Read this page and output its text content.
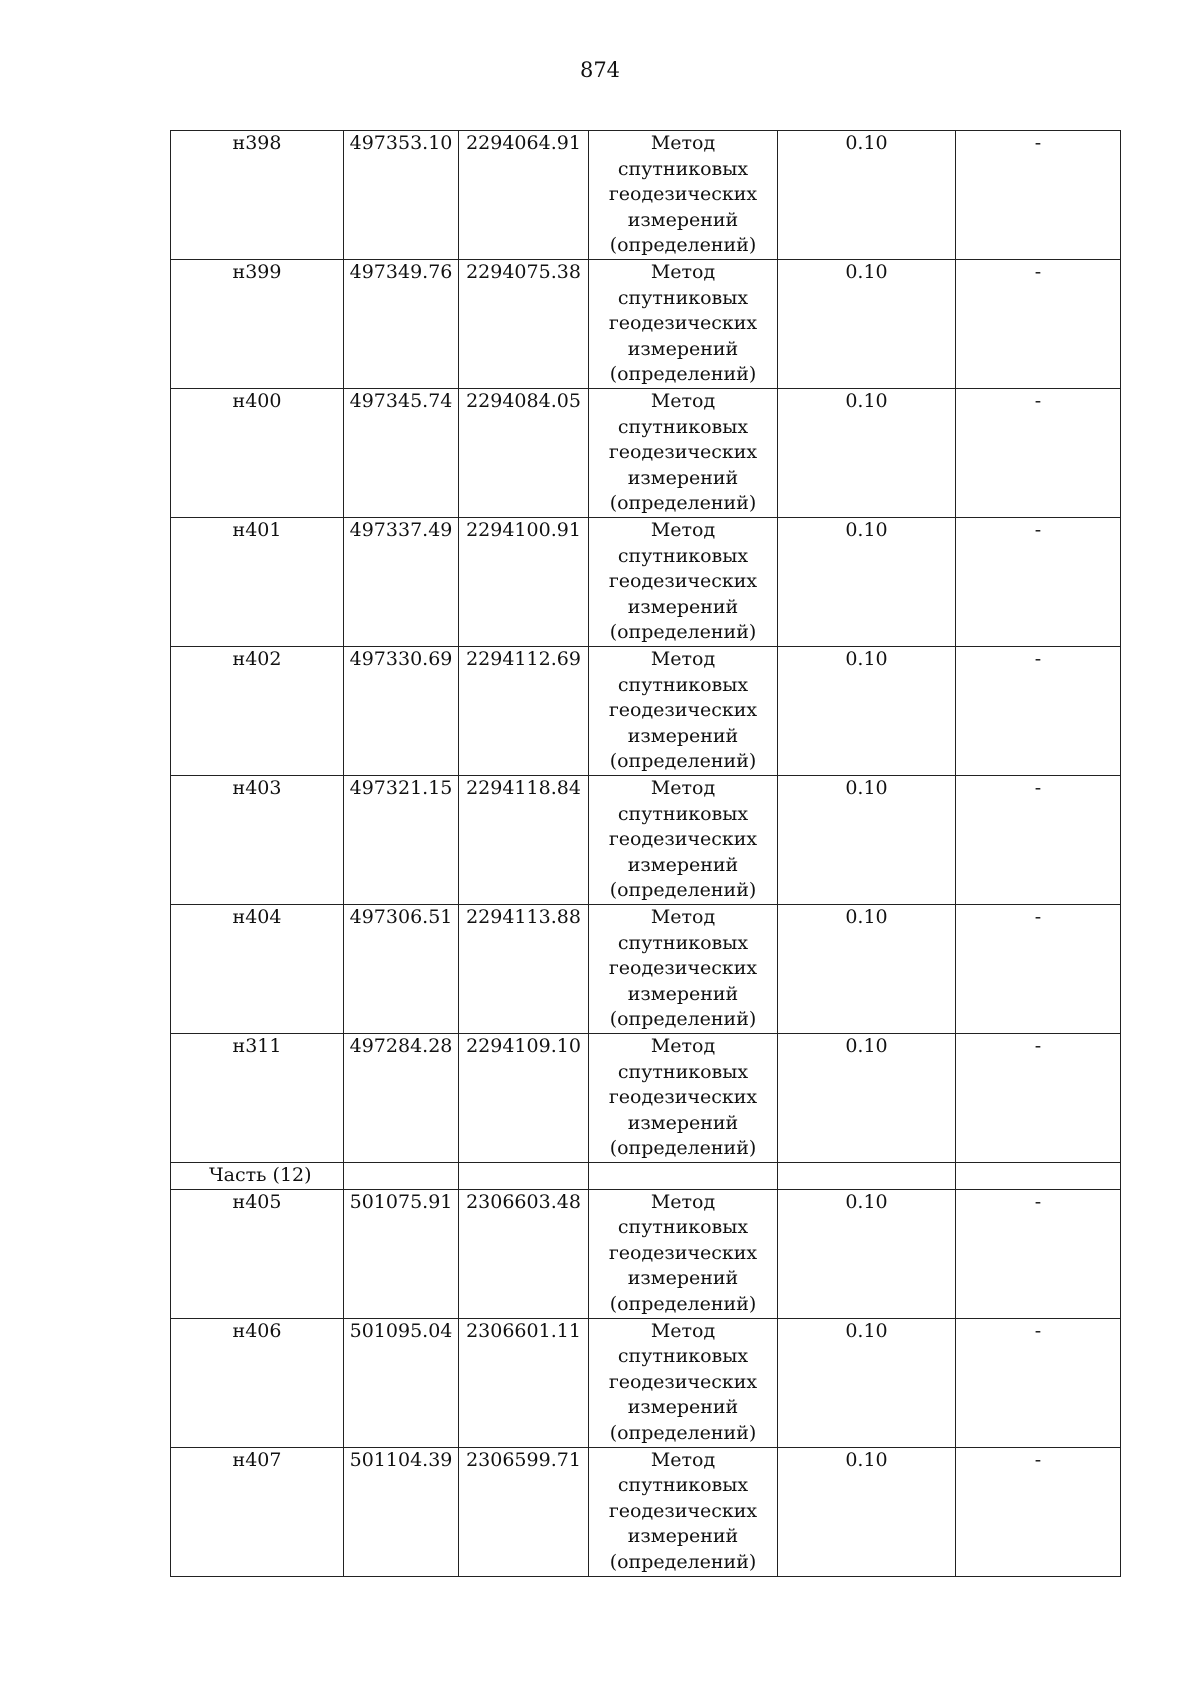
874
н398	497353.10	2294064.91	Метод
спутниковых
геодезических
измерений
(определений)	0.10	-
н399	497349.76	2294075.38	Метод
спутниковых
геодезических
измерений
(определений)	0.10	-
н400	497345.74	2294084.05	Метод
спутниковых
геодезических
измерений
(определений)	0.10	-
н401	497337.49	2294100.91	Метод
спутниковых
геодезических
измерений
(определений)	0.10	-
н402	497330.69	2294112.69	Метод
спутниковых
геодезических
измерений
(определений)	0.10	-
н403	497321.15	2294118.84	Метод
спутниковых
геодезических
измерений
(определений)	0.10	-
н404	497306.51	2294113.88	Метод
спутниковых
геодезических
измерений
(определений)	0.10	-
н311	497284.28	2294109.10	Метод
спутниковых
геодезических
измерений
(определений)	0.10	-
Часть (12)					
н405	501075.91	2306603.48	Метод
спутниковых
геодезических
измерений
(определений)	0.10	-
н406	501095.04	2306601.11	Метод
спутниковых
геодезических
измерений
(определений)	0.10	-
н407	501104.39	2306599.71	Метод
спутниковых
геодезических
измерений
(определений)	0.10	-
